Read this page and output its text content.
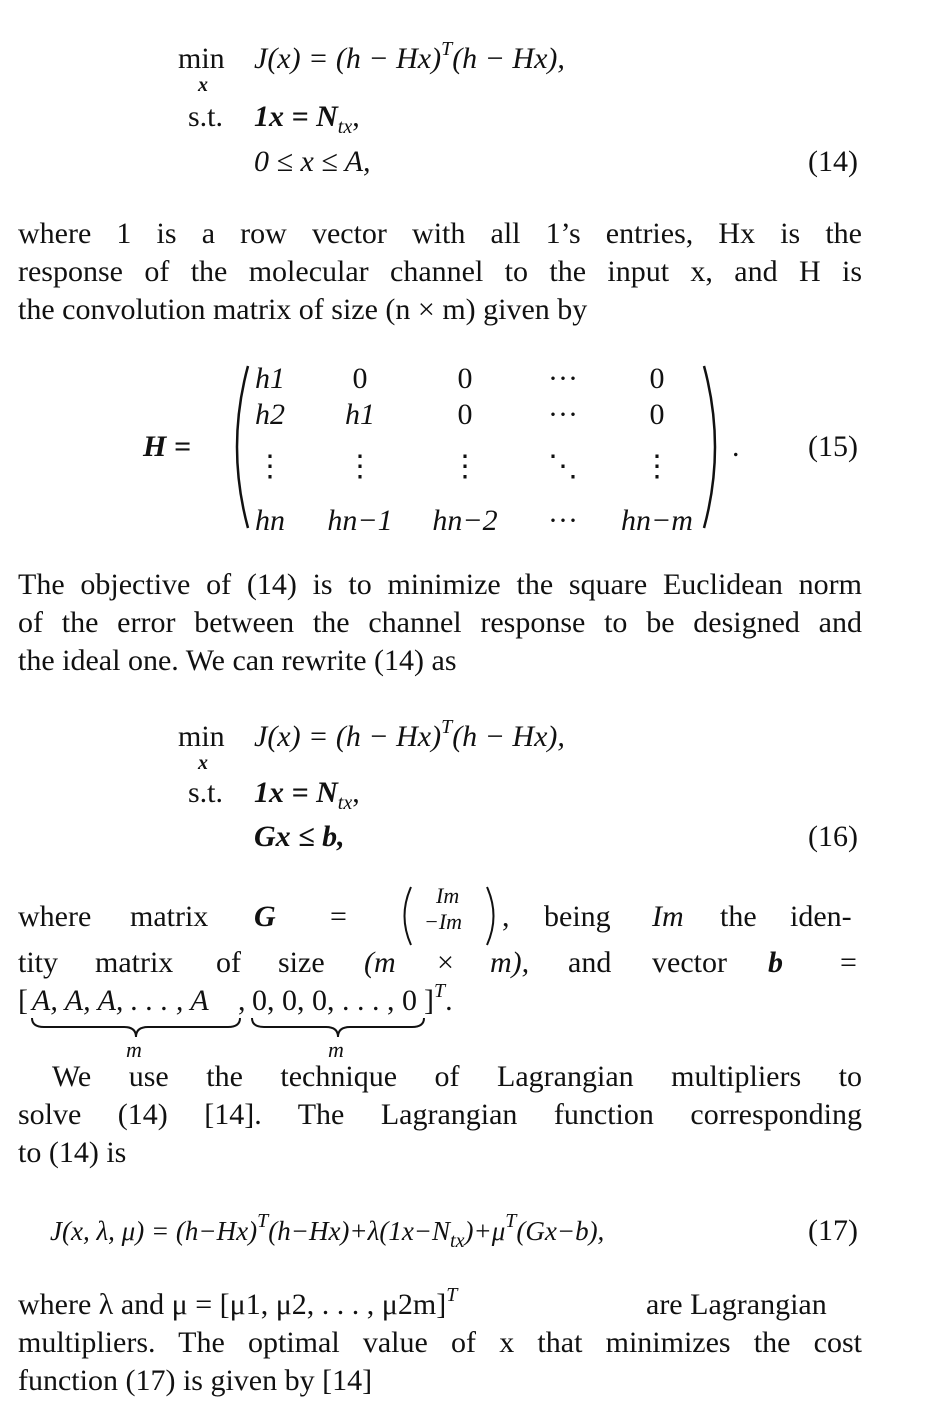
min
x
$J(x) = (h - Hx)^T(h - Hx)$,
s.t. $1x = N_{tx}$,
0 ≤ x ≤ A,	(14)
where 1 is a row vector with all 1’s entries, Hx is the
response of the molecular channel to the input x, and H is
the convolution matrix of size (n × m) given by
H =
h1	0	0	···	0
h2	h1	0	···	0
⋮	⋮	⋮	⋱	⋮
hn	hn−1	hn−2	···	hn−m
. (15)
The objective of (14) is to minimize the square Euclidean norm
of the error between the channel response to be designed and
the ideal one. We can rewrite (14) as
min
x
$J(x) = (h - Hx)^T(h - Hx)$,
s.t. $1x = N_{tx}$,
Gx ≤ b,	(16)
where matrix G =
Im
−Im , being Im the iden-
tity matrix of size (m × m), and vector b =
[ A, A, A, . . . , A , 0, 0, 0, . . . , 0 ]$^T$.
m	m
We use the technique of Lagrangian multipliers to
solve (14) [14]. The Lagrangian function corresponding
to (14) is
J(x, λ, $\mu) = (h-Hx)^T(h-Hx)+\lambda(1x-N_{tx})+\mu^T(Gx-b)$,	(17)
where λ and μ = [μ1, μ2, . . . , μ2m]$^T$	are Lagrangian
multipliers. The optimal value of x that minimizes the cost
function (17) is given by [14]
